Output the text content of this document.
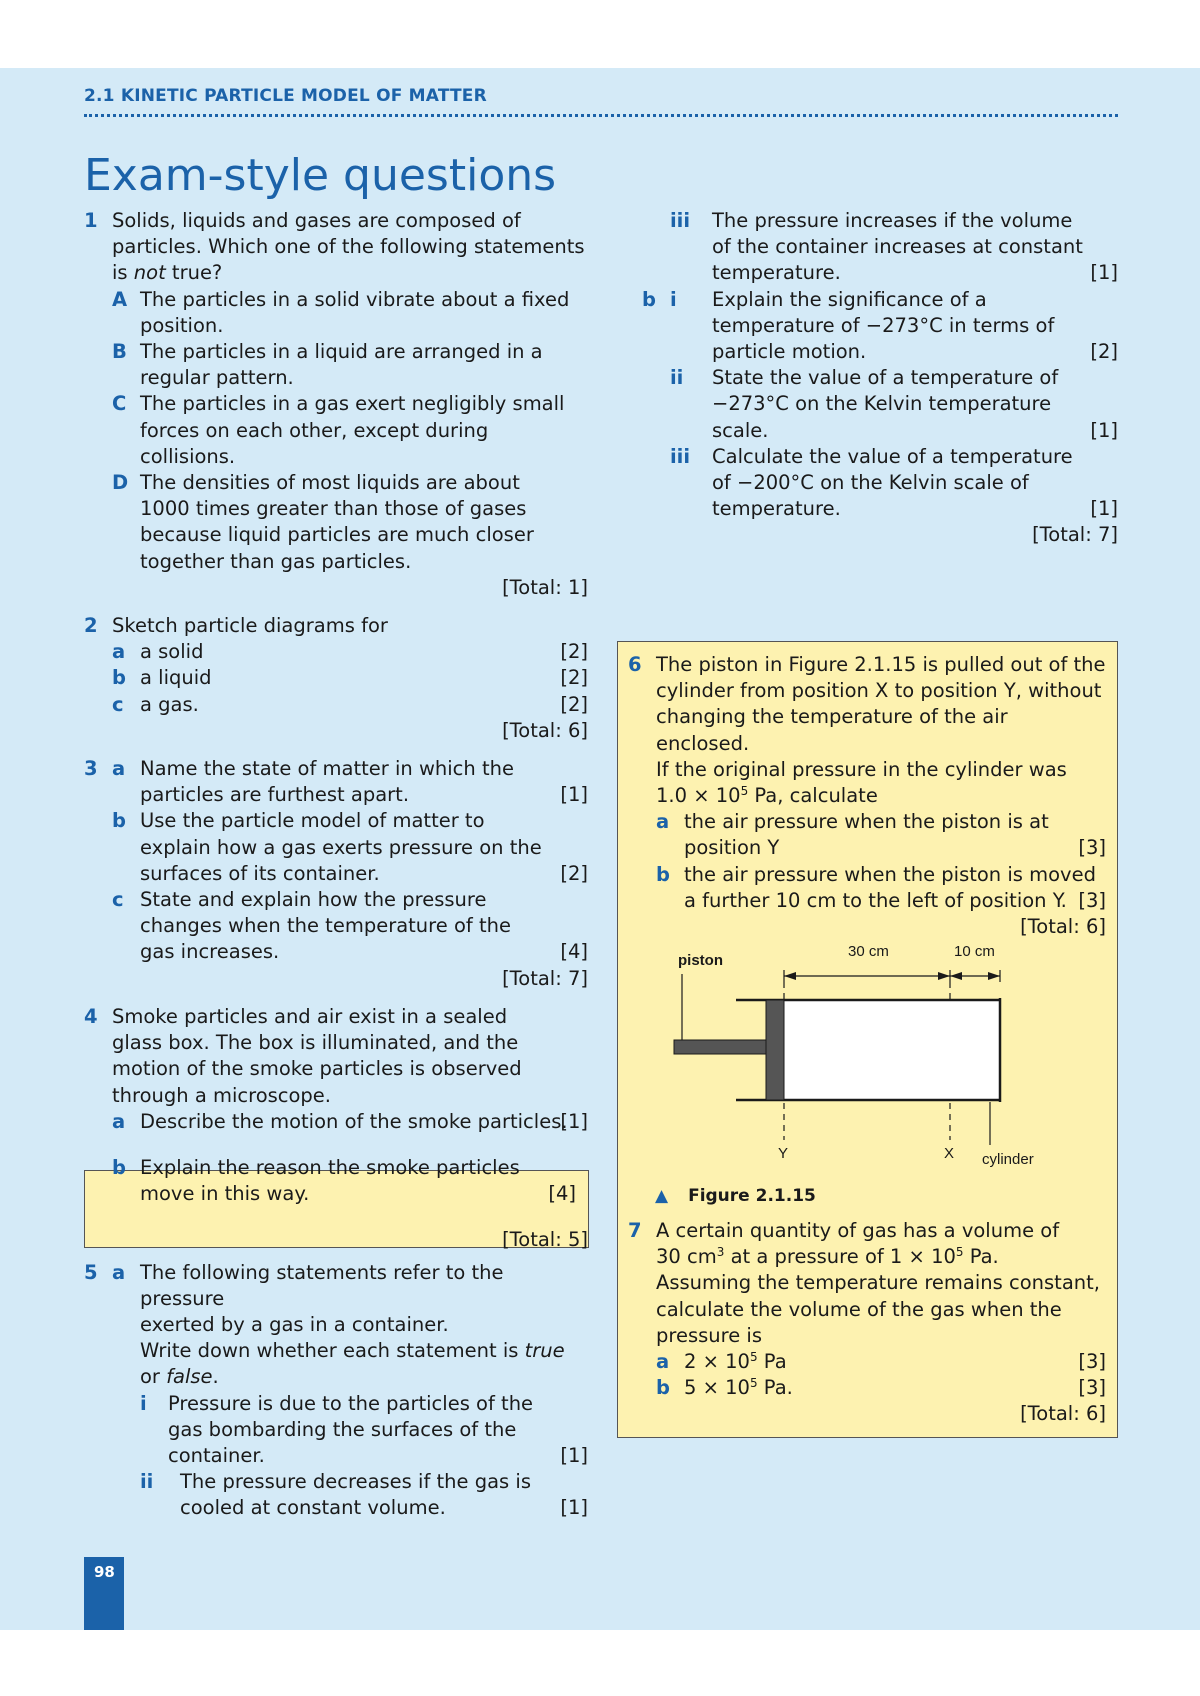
2.1 KINETIC PARTICLE MODEL OF MATTER
Exam-style questions
1 Solids, liquids and gases are composed of
particles. Which one of the following statements
is not true?
A The particles in a solid vibrate about a fixed
position.
B The particles in a liquid are arranged in a
regular pattern.
C The particles in a gas exert negligibly small
forces on each other, except during collisions.
D The densities of most liquids are about
1000 times greater than those of gases
because liquid particles are much closer
together than gas particles.
[Total: 1]
2 Sketch particle diagrams for
a a solid	[2]
b a liquid	[2]
c a gas.	[2]
[Total: 6]
3 a Name the state of matter in which the
particles are furthest apart.	[1]
b Use the particle model of matter to
explain how a gas exerts pressure on the
surfaces of its container.	[2]
c State and explain how the pressure
changes when the temperature of the
gas increases.	[4]
[Total: 7]
4 Smoke particles and air exist in a sealed
glass box. The box is illuminated, and the
motion of the smoke particles is observed
through a microscope.
a Describe the motion of the smoke particles.
[1]
b Explain the reason the smoke particles
move in this way.	[4]
[Total: 5]
5 a The following statements refer to the pressure
exerted by a gas in a container.
Write down whether each statement is true
or false.
i Pressure is due to the particles of the
gas bombarding the surfaces of the
container.	[1]
ii The pressure decreases if the gas is
cooled at constant volume.	[1]
iii The pressure increases if the volume
of the container increases at constant
temperature.	[1]
b i Explain the significance of a
temperature of −273°C in terms of
particle motion.	[2]
ii State the value of a temperature of
−273°C on the Kelvin temperature
scale.	[1]
iii Calculate the value of a temperature
of −200°C on the Kelvin scale of
temperature.	[1]
[Total: 7]
6 The piston in Figure 2.1.15 is pulled out of the
cylinder from position X to position Y, without
changing the temperature of the air enclosed.
If the original pressure in the cylinder was
$1.0 \times 10^5$ Pa, calculate
a the air pressure when the piston is at
position Y	[3]
b the air pressure when the piston is moved
a further 10 cm to the left of position Y. [3]
[Total: 6]
piston
30 cm	10 cm
Y	X cylinder
▲ Figure 2.1.15
7 A certain quantity of gas has a volume of
30 $cm^3$ at a pressure of $1 \times 10^5$ Pa.
Assuming the temperature remains constant,
calculate the volume of the gas when the
pressure is
a $2 \times 10^5$ Pa	[3]
b $5 \times 10^5$ Pa.	[3]
[Total: 6]
98
